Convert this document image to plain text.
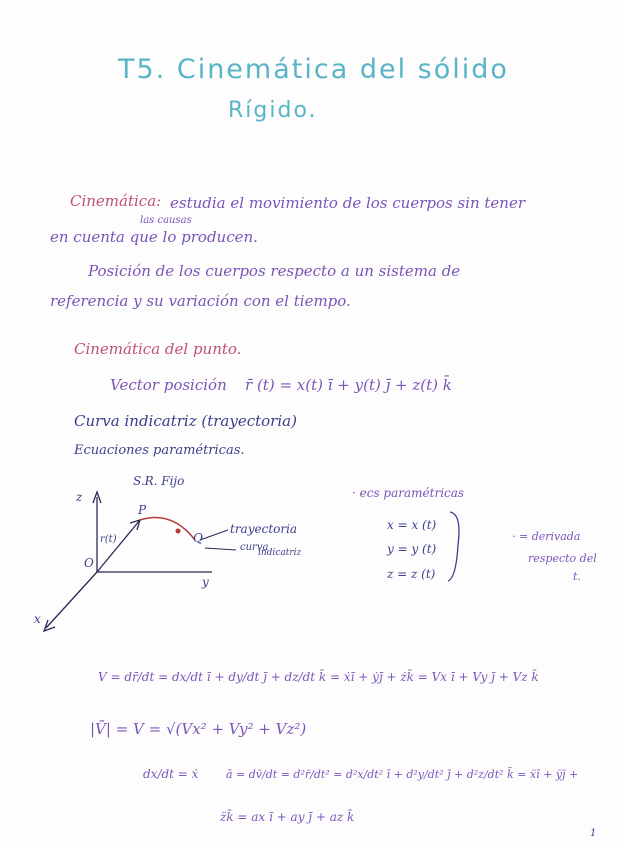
T5. Cinemática del sólido
Rígido.
Cinemática: estudia el movimiento de los cuerpos sin tener
las causas
en cuenta que lo producen.
Posición de los cuerpos respecto a un sistema de
referencia y su variación con el tiempo.
Cinemática del punto.
Vector posición r̄ (t) = x(t) ī + y(t) j̄ + z(t) k̄
Curva indicatriz (trayectoria)
Ecuaciones paramétricas.
S.R. Fijo
z
y
x
O
P
Q
r(t)
trayectoria
curva
indicatriz
· ecs paramétricas
x = x (t)
y = y (t)
z = z (t)
· = derivada
respecto del
t.
V = dr̄/dt = dx/dt ī + dy/dt j̄ + dz/dt k̄ = ẋī + ẏj̄ + żk̄ = Vx ī + Vy j̄ + Vz k̄
|V̄| = V = √(Vx² + Vy² + Vz²)
dx/dt = ẋ	ā = dv̄/dt = d²r̄/dt² = d²x/dt² ī + d²y/dt² j̄ + d²z/dt² k̄ = ẍī + ÿj̄ +
z̈k̄ = ax ī + ay j̄ + az k̄
1
